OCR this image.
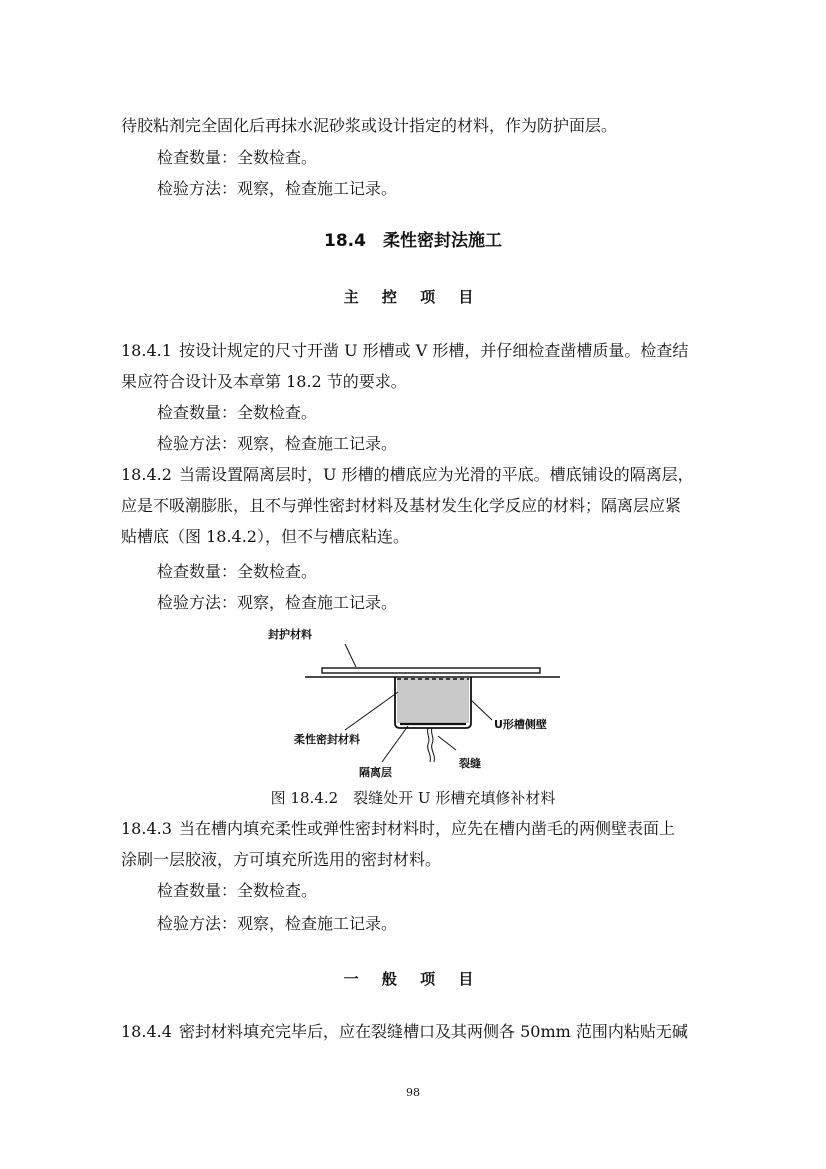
待胶粘剂完全固化后再抹水泥砂浆或设计指定的材料，作为防护面层。
检查数量：全数检查。
检验方法：观察，检查施工记录。
18.4　柔性密封法施工
主 控 项 目
18.4.1 按设计规定的尺寸开凿 U 形槽或 V 形槽，并仔细检查凿槽质量。检查结
果应符合设计及本章第 18.2 节的要求。
检查数量：全数检查。
检验方法：观察，检查施工记录。
18.4.2 当需设置隔离层时，U 形槽的槽底应为光滑的平底。槽底铺设的隔离层，
应是不吸潮膨胀，且不与弹性密封材料及基材发生化学反应的材料；隔离层应紧
贴槽底（图 18.4.2），但不与槽底粘连。
检查数量：全数检查。
检验方法：观察，检查施工记录。
封护材料
柔性密封材料
U形槽侧壁
裂缝
隔离层
图 18.4.2　裂缝处开 U 形槽充填修补材料
18.4.3 当在槽内填充柔性或弹性密封材料时，应先在槽内凿毛的两侧壁表面上
涂刷一层胶液，方可填充所选用的密封材料。
检查数量：全数检查。
检验方法：观察，检查施工记录。
一 般 项 目
18.4.4 密封材料填充完毕后，应在裂缝槽口及其两侧各 50mm 范围内粘贴无碱
98
